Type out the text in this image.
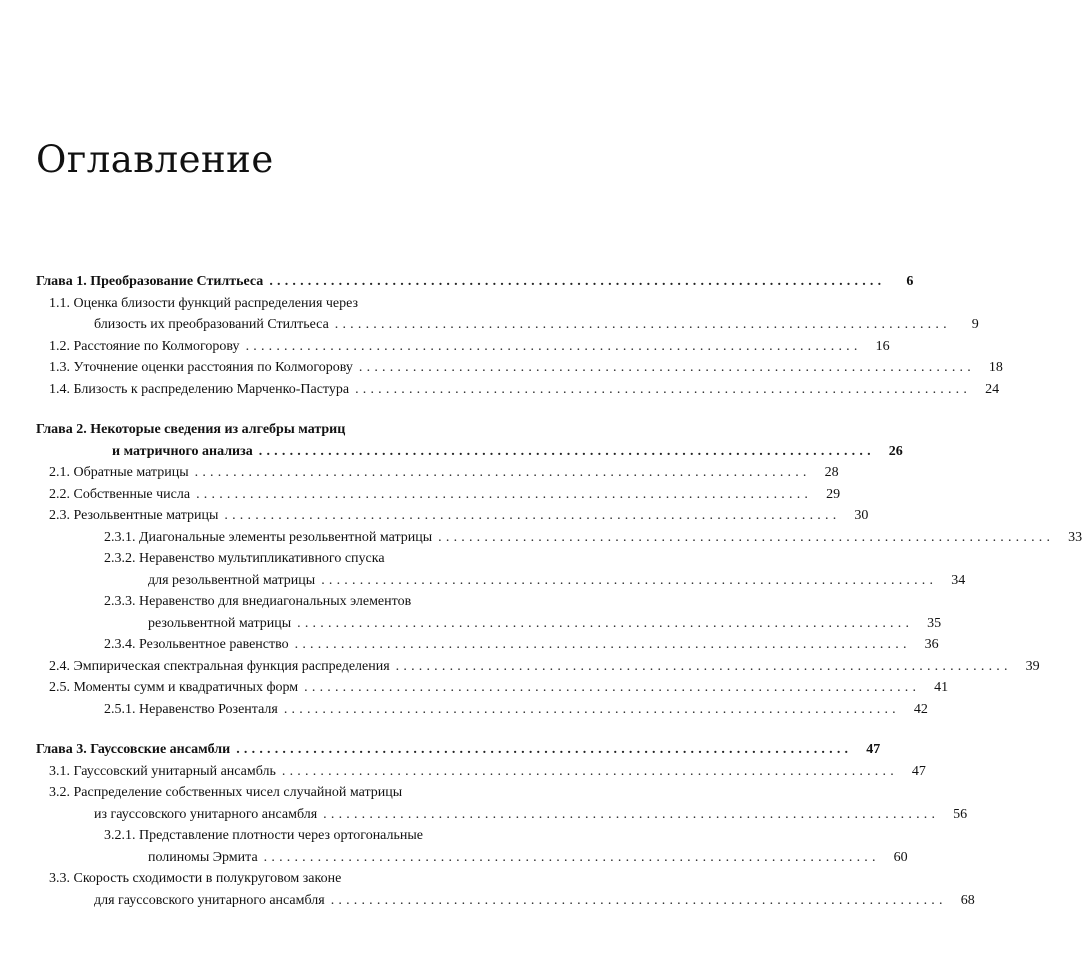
Оглавление
Глава 1. Преобразование Стилтьеса ................................................................................	6
1.1. Оценка близости функций распределения через
близость их преобразований Стилтьеса ................................................................................	9
1.2. Расстояние по Колмогорову ................................................................................	16
1.3. Уточнение оценки расстояния по Колмогорову ................................................................................	18
1.4. Близость к распределению Марченко-Пастура ................................................................................	24
Глава 2. Некоторые сведения из алгебры матриц
и матричного анализа ................................................................................	26
2.1. Обратные матрицы ................................................................................	28
2.2. Собственные числа ................................................................................	29
2.3. Резольвентные матрицы ................................................................................	30
2.3.1. Диагональные элементы резольвентной матрицы ................................................................................	33
2.3.2. Неравенство мультипликативного спуска
для резольвентной матрицы ................................................................................	34
2.3.3. Неравенство для внедиагональных элементов
резольвентной матрицы ................................................................................	35
2.3.4. Резольвентное равенство ................................................................................	36
2.4. Эмпирическая спектральная функция распределения ................................................................................	39
2.5. Моменты сумм и квадратичных форм ................................................................................	41
2.5.1. Неравенство Розенталя ................................................................................	42
Глава 3. Гауссовские ансамбли ................................................................................	47
3.1. Гауссовский унитарный ансамбль ................................................................................	47
3.2. Распределение собственных чисел случайной матрицы
из гауссовского унитарного ансамбля ................................................................................	56
3.2.1. Представление плотности через ортогональные
полиномы Эрмита ................................................................................	60
3.3. Скорость сходимости в полукруговом законе
для гауссовского унитарного ансамбля ................................................................................	68
